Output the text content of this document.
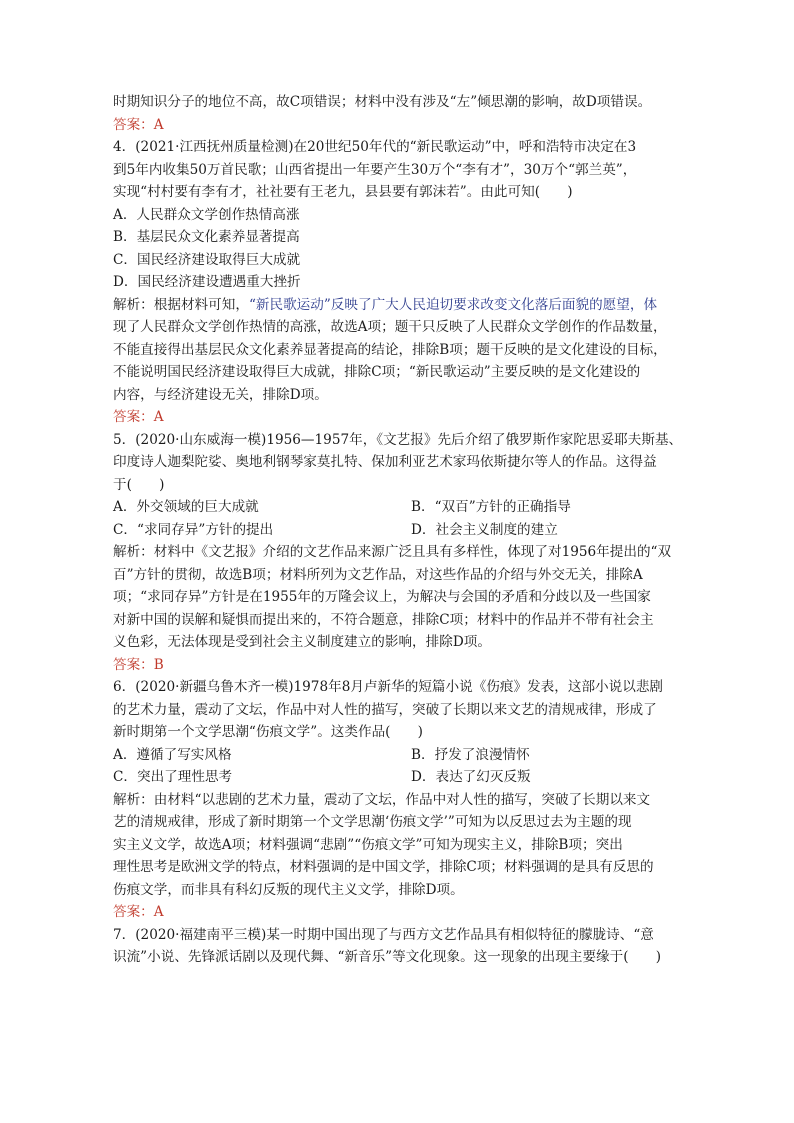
时期知识分子的地位不高，故C项错误；材料中没有涉及“左”倾思潮的影响，故D项错误。
答案：A
4．(2021·江西抚州质量检测)在20世纪50年代的“新民歌运动”中，呼和浩特市决定在3
到5年内收集50万首民歌；山西省提出一年要产生30万个“李有才”，30万个“郭兰英”，
实现“村村要有李有才，社社要有王老九，县县要有郭沫若”。由此可知(　　)
A．人民群众文学创作热情高涨
B．基层民众文化素养显著提高
C．国民经济建设取得巨大成就
D．国民经济建设遭遇重大挫折
解析：根据材料可知，“新民歌运动”反映了广大人民迫切要求改变文化落后面貌的愿望，体
现了人民群众文学创作热情的高涨，故选A项；题干只反映了人民群众文学创作的作品数量，
不能直接得出基层民众文化素养显著提高的结论，排除B项；题干反映的是文化建设的目标，
不能说明国民经济建设取得巨大成就，排除C项；“新民歌运动”主要反映的是文化建设的
内容，与经济建设无关，排除D项。
答案：A
5．(2020·山东威海一模)1956—1957年，《文艺报》先后介绍了俄罗斯作家陀思妥耶夫斯基、
印度诗人迦梨陀娑、奥地利钢琴家莫扎特、保加利亚艺术家玛依斯捷尔等人的作品。这得益
于(　　)
A．外交领域的巨大成就	B．“双百”方针的正确指导
C．“求同存异”方针的提出	D．社会主义制度的建立
解析：材料中《文艺报》介绍的文艺作品来源广泛且具有多样性，体现了对1956年提出的“双
百”方针的贯彻，故选B项；材料所列为文艺作品，对这些作品的介绍与外交无关，排除A
项；“求同存异”方针是在1955年的万隆会议上，为解决与会国的矛盾和分歧以及一些国家
对新中国的误解和疑惧而提出来的，不符合题意，排除C项；材料中的作品并不带有社会主
义色彩，无法体现是受到社会主义制度建立的影响，排除D项。
答案：B
6．(2020·新疆乌鲁木齐一模)1978年8月卢新华的短篇小说《伤痕》发表，这部小说以悲剧
的艺术力量，震动了文坛，作品中对人性的描写，突破了长期以来文艺的清规戒律，形成了
新时期第一个文学思潮“伤痕文学”。这类作品(　　)
A．遵循了写实风格	B．抒发了浪漫情怀
C．突出了理性思考	D．表达了幻灭反叛
解析：由材料“以悲剧的艺术力量，震动了文坛，作品中对人性的描写，突破了长期以来文
艺的清规戒律，形成了新时期第一个文学思潮‘伤痕文学’”可知为以反思过去为主题的现
实主义文学，故选A项；材料强调“悲剧”“伤痕文学”可知为现实主义，排除B项；突出
理性思考是欧洲文学的特点，材料强调的是中国文学，排除C项；材料强调的是具有反思的
伤痕文学，而非具有科幻反叛的现代主义文学，排除D项。
答案：A
7．(2020·福建南平三模)某一时期中国出现了与西方文艺作品具有相似特征的朦胧诗、“意
识流”小说、先锋派话剧以及现代舞、“新音乐”等文化现象。这一现象的出现主要缘于(　　)
